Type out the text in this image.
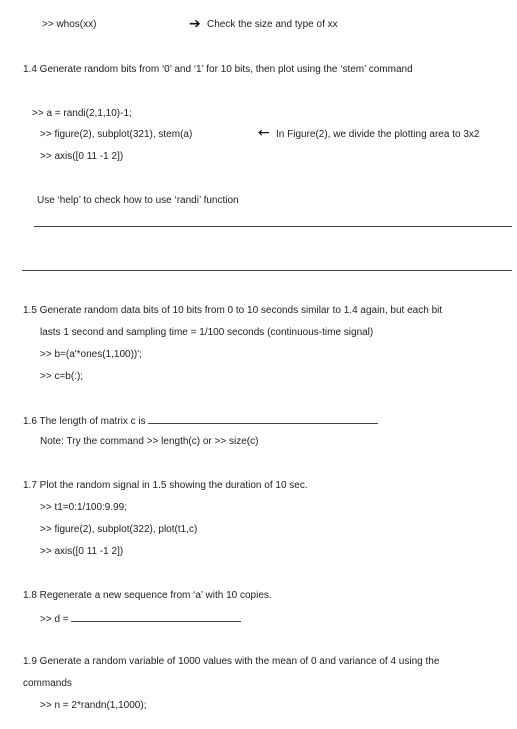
>> whos(xx)	➔ Check the size and type of xx
1.4 Generate random bits from ‘0’ and ‘1’ for 10 bits, then plot using the ‘stem’ command
>> a = randi(2,1,10)-1;
>> figure(2), subplot(321), stem(a)	← In Figure(2), we divide the plotting area to 3x2
>> axis([0 11 -1 2])
Use ‘help’ to check how to use ‘randi’ function
1.5 Generate random data bits of 10 bits from 0 to 10 seconds similar to 1.4 again, but each bit
lasts 1 second and sampling time = 1/100 seconds (continuous-time signal)
>> b=(a'*ones(1,100))';
>> c=b(:);
1.6 The length of matrix c is
Note: Try the command >> length(c) or >> size(c)
1.7 Plot the random signal in 1.5 showing the duration of 10 sec.
>> t1=0:1/100:9.99;
>> figure(2), subplot(322), plot(t1,c)
>> axis([0 11 -1 2])
1.8 Regenerate a new sequence from ‘a’ with 10 copies.
>> d =
1.9 Generate a random variable of 1000 values with the mean of 0 and variance of 4 using the
commands
>> n = 2*randn(1,1000);
